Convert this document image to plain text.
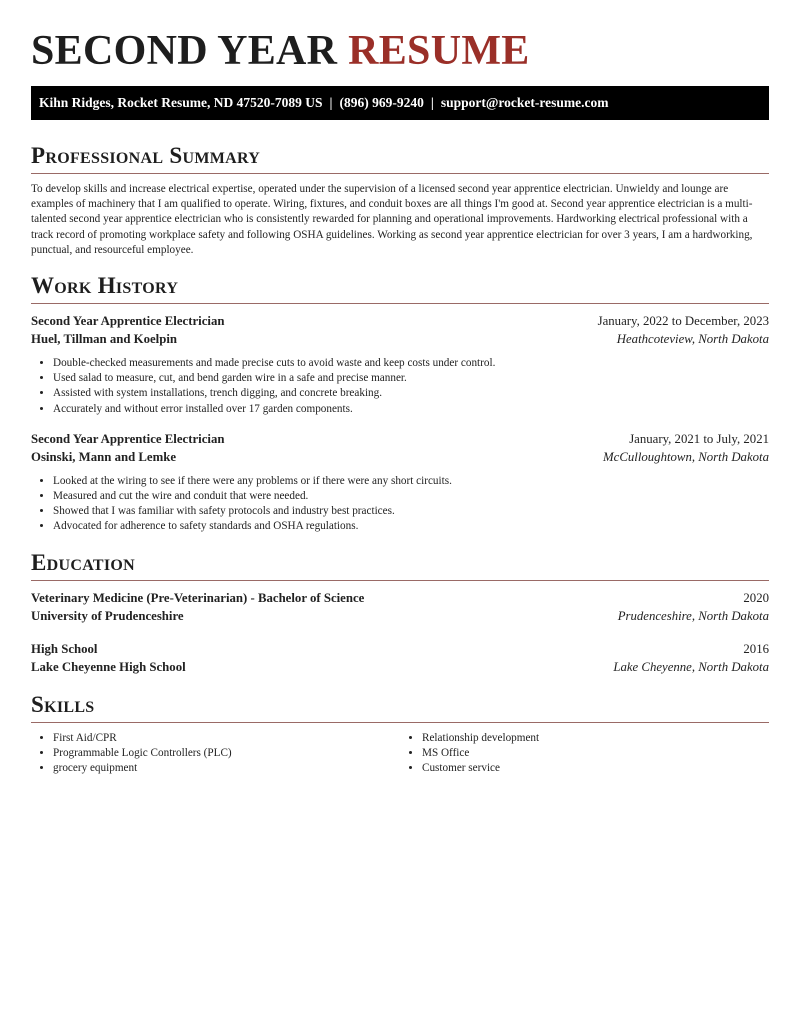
SECOND YEAR RESUME
Kihn Ridges, Rocket Resume, ND 47520-7089 US | (896) 969-9240 | support@rocket-resume.com
Professional Summary

To develop skills and increase electrical expertise, operated under the supervision of a licensed second year apprentice electrician. Unwieldy and lounge are examples of machinery that I am qualified to operate. Wiring, fixtures, and conduit boxes are all things I'm good at. Second year apprentice electrician is a multi-talented second year apprentice electrician who is consistently rewarded for planning and operational improvements. Hardworking electrical professional with a track record of promoting workplace safety and following OSHA guidelines. Working as second year apprentice electrician for over 3 years, I am a hardworking, punctual, and resourceful employee.

Work History
Second Year Apprentice Electrician	January, 2022 to December, 2023
Huel, Tillman and Koelpin	Heathcoteview, North Dakota
• Double-checked measurements and made precise cuts to avoid waste and keep costs under control.
• Used salad to measure, cut, and bend garden wire in a safe and precise manner.
• Assisted with system installations, trench digging, and concrete breaking.
• Accurately and without error installed over 17 garden components.
Second Year Apprentice Electrician	January, 2021 to July, 2021
Osinski, Mann and Lemke	McCulloughtown, North Dakota
• Looked at the wiring to see if there were any problems or if there were any short circuits.
• Measured and cut the wire and conduit that were needed.
• Showed that I was familiar with safety protocols and industry best practices.
• Advocated for adherence to safety standards and OSHA regulations.
Education
Veterinary Medicine (Pre-Veterinarian) - Bachelor of Science	2020
University of Prudenceshire	Prudenceshire, North Dakota
High School	2016
Lake Cheyenne High School	Lake Cheyenne, North Dakota
Skills
• First Aid/CPR
• Programmable Logic Controllers (PLC)
• grocery equipment
• Relationship development
• MS Office
• Customer service
